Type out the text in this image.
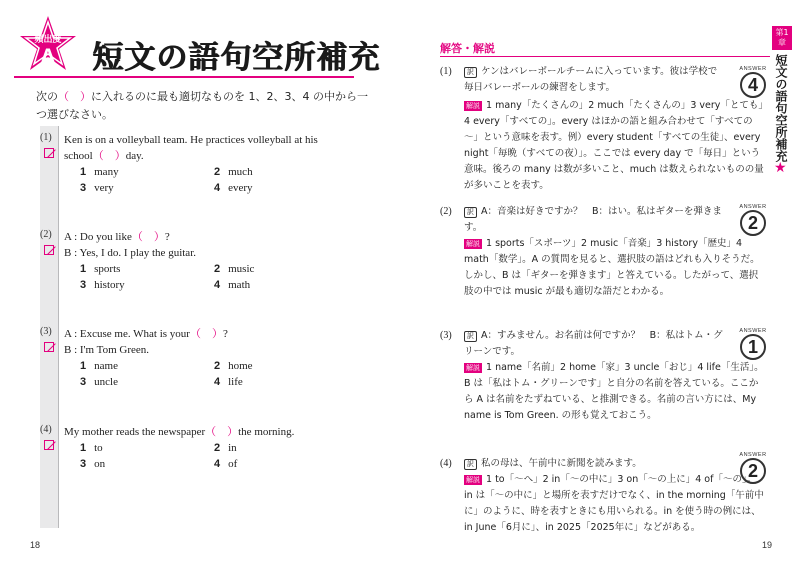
頻出度
A 短文の語句空所補充
次の（　）に入れるのに最も適切なものを 1、2、3、4 の中から一つ選びなさい。
(1)	Ken is on a volleyball team. He practices volleyball at his
school（　）day.
1 many	2 much
3 very	4 every
(2)	A : Do you like（　）?
B : Yes, I do. I play the guitar.
1 sports	2 music
3 history	4 math
(3)	A : Excuse me. What is your（　）?
B : I'm Tom Green.
1 name	2 home
3 uncle	4 life
(4)	My mother reads the newspaper（　）the morning.
1 to	2 in
3 on	4 of
18
解答・解説
第1章
短文の語句空所補充
★
(1)	訳 ケンはバレーボールチームに入っています。彼は学校で毎日バレーボールの練習をします。
解説 1 many「たくさんの」2 much「たくさんの」3 very「とても」4 every「すべての」。every はほかの語と組み合わせて「すべての～」という意味を表す。例）every student「すべての生徒」、every night「毎晩（すべての夜）」。ここでは every day で「毎日」という意味。後ろの many は数が多いこと、much は数えられないものの量が多いことを表す。
ANSWER
4
(2)	訳 A：音楽は好きですか？　B：はい。私はギターを弾きます。
解説 1 sports「スポーツ」2 music「音楽」3 history「歴史」4 math「数学」。A の質問を見ると、選択肢の語はどれも入りそうだ。しかし、B は「ギターを弾きます」と答えている。したがって、選択肢の中では music が最も適切な語だとわかる。
ANSWER
2
(3)	訳 A：すみません。お名前は何ですか？　B：私はトム・グリーンです。
解説 1 name「名前」2 home「家」3 uncle「おじ」4 life「生活」。B は「私はトム・グリーンです」と自分の名前を答えている。ここから A は名前をたずねている、と推測できる。名前の言い方には、My name is Tom Green. の形も覚えておこう。
ANSWER
1
(4)	訳 私の母は、午前中に新聞を読みます。
解説 1 to「～へ」2 in「～の中に」3 on「～の上に」4 of「～の」。in は「～の中に」と場所を表すだけでなく、in the morning「午前中に」のように、時を表すときにも用いられる。in を使う時の例には、in June「6月に」、in 2025「2025年に」などがある。
ANSWER
2
19
